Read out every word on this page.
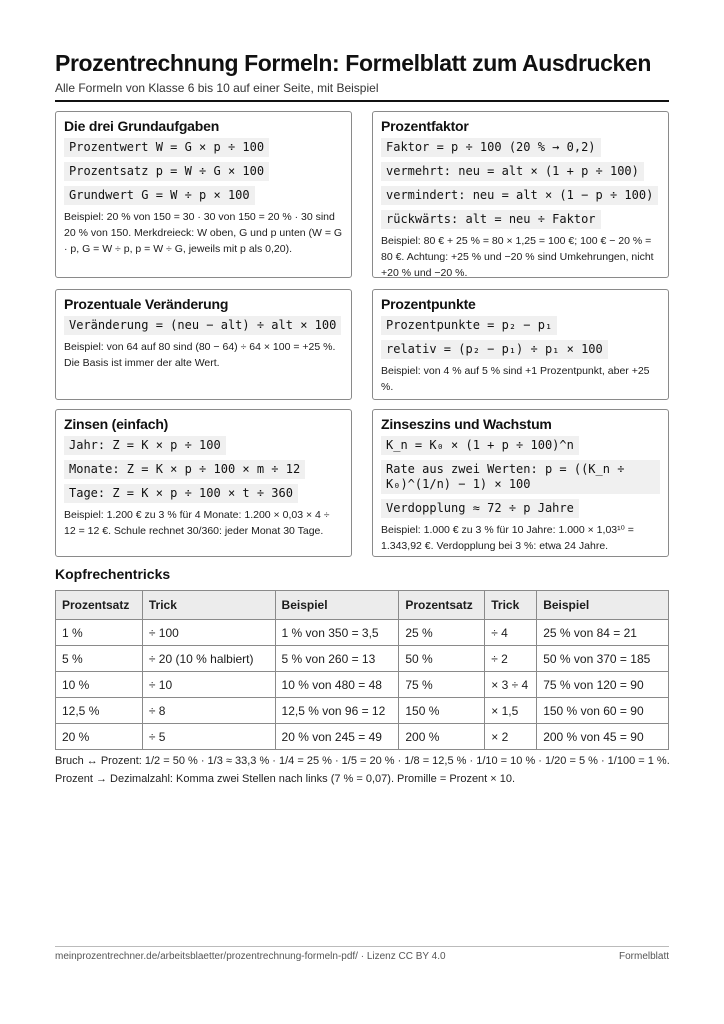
Prozentrechnung Formeln: Formelblatt zum Ausdrucken
Alle Formeln von Klasse 6 bis 10 auf einer Seite, mit Beispiel
Die drei Grundaufgaben
Prozentwert W = G × p ÷ 100
Prozentsatz p = W ÷ G × 100
Grundwert G = W ÷ p × 100
Beispiel: 20 % von 150 = 30 · 30 von 150 = 20 % · 30 sind 20 % von 150. Merkdreieck: W oben, G und p unten (W = G · p, G = W ÷ p, p = W ÷ G, jeweils mit p als 0,20).
Prozentfaktor
Faktor = p ÷ 100 (20 % → 0,2)
vermehrt: neu = alt × (1 + p ÷ 100)
vermindert: neu = alt × (1 − p ÷ 100)
rückwärts: alt = neu ÷ Faktor
Beispiel: 80 € + 25 % = 80 × 1,25 = 100 €; 100 € − 20 % = 80 €. Achtung: +25 % und −20 % sind Umkehrungen, nicht +20 % und −20 %.
Prozentuale Veränderung
Veränderung = (neu − alt) ÷ alt × 100
Beispiel: von 64 auf 80 sind (80 − 64) ÷ 64 × 100 = +25 %. Die Basis ist immer der alte Wert.
Prozentpunkte
Prozentpunkte = p₂ − p₁
relativ = (p₂ − p₁) ÷ p₁ × 100
Beispiel: von 4 % auf 5 % sind +1 Prozentpunkt, aber +25 %.
Zinsen (einfach)
Jahr: Z = K × p ÷ 100
Monate: Z = K × p ÷ 100 × m ÷ 12
Tage: Z = K × p ÷ 100 × t ÷ 360
Beispiel: 1.200 € zu 3 % für 4 Monate: 1.200 × 0,03 × 4 ÷ 12 = 12 €. Schule rechnet 30/360: jeder Monat 30 Tage.
Zinseszins und Wachstum
K_n = K₀ × (1 + p ÷ 100)^n
Rate aus zwei Werten: p = ((K_n ÷ K₀)^(1/n) − 1) × 100
Verdopplung ≈ 72 ÷ p Jahre
Beispiel: 1.000 € zu 3 % für 10 Jahre: 1.000 × 1,03¹⁰ = 1.343,92 €. Verdopplung bei 3 %: etwa 24 Jahre.
Kopfrechentricks
Prozentsatz	Trick	Beispiel	Prozentsatz	Trick	Beispiel
1 %	÷ 100	1 % von 350 = 3,5	25 %	÷ 4	25 % von 84 = 21
5 %	÷ 20 (10 % halbiert)	5 % von 260 = 13	50 %	÷ 2	50 % von 370 = 185
10 %	÷ 10	10 % von 480 = 48	75 %	× 3 ÷ 4	75 % von 120 = 90
12,5 %	÷ 8	12,5 % von 96 = 12	150 %	× 1,5	150 % von 60 = 90
20 %	÷ 5	20 % von 245 = 49	200 %	× 2	200 % von 45 = 90
Bruch ↔ Prozent: 1/2 = 50 % · 1/3 ≈ 33,3 % · 1/4 = 25 % · 1/5 = 20 % · 1/8 = 12,5 % · 1/10 = 10 % · 1/20 = 5 % · 1/100 = 1 %.
Prozent → Dezimalzahl: Komma zwei Stellen nach links (7 % = 0,07). Promille = Prozent × 10.
meinprozentrechner.de/arbeitsblaetter/prozentrechnung-formeln-pdf/ · Lizenz CC BY 4.0	Formelblatt
